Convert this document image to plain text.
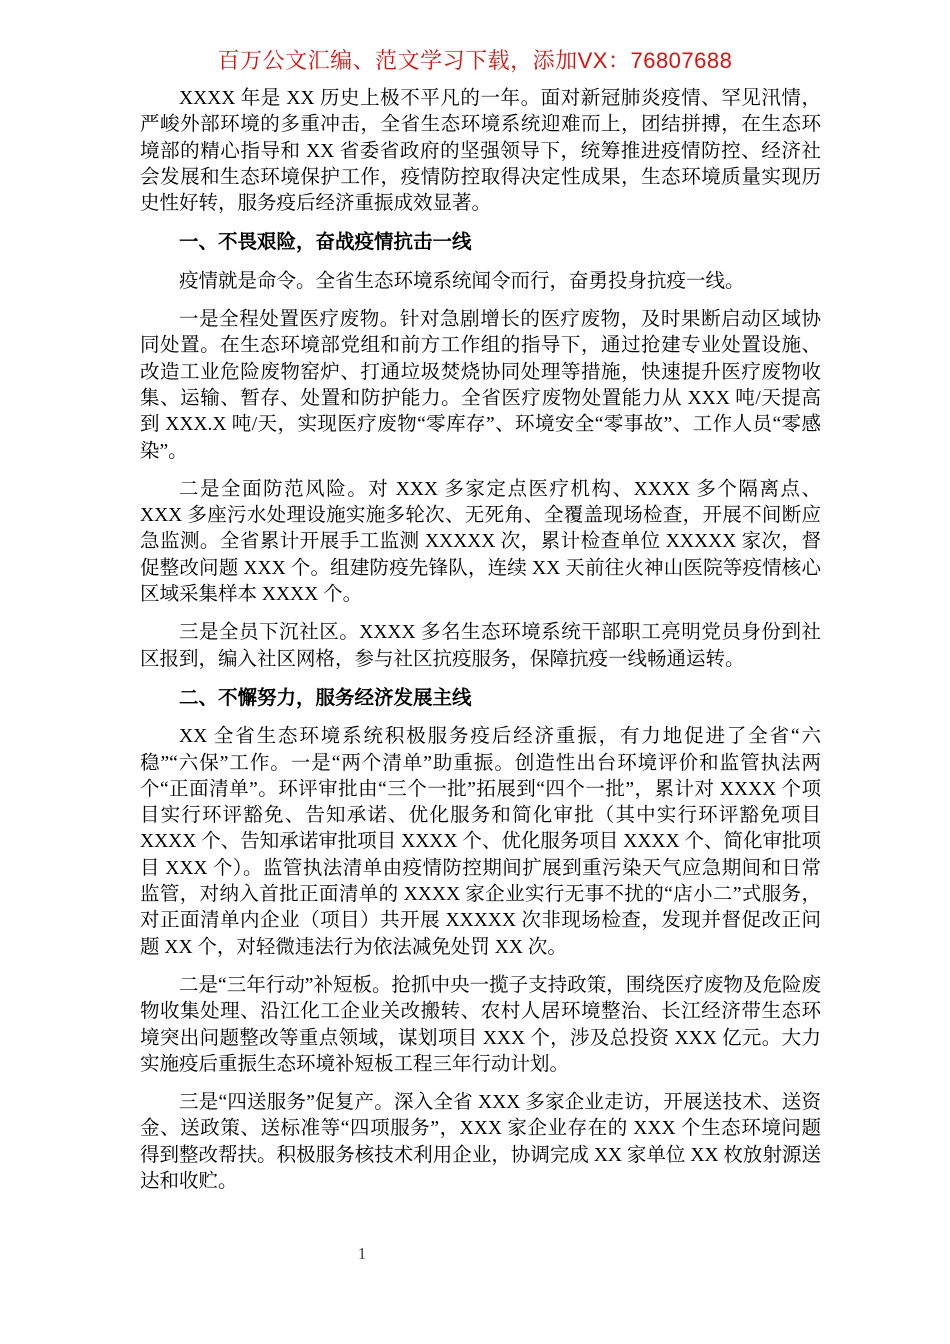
百万公文汇编、范文学习下载，添加VX：76807688

XXXX 年是 XX 历史上极不平凡的一年。面对新冠肺炎疫情、罕见汛情，严峻外部环境的多重冲击，全省生态环境系统迎难而上，团结拼搏，在生态环境部的精心指导和 XX 省委省政府的坚强领导下，统筹推进疫情防控、经济社会发展和生态环境保护工作，疫情防控取得决定性成果，生态环境质量实现历史性好转，服务疫后经济重振成效显著。

一、不畏艰险，奋战疫情抗击一线

疫情就是命令。全省生态环境系统闻令而行，奋勇投身抗疫一线。

一是全程处置医疗废物。针对急剧增长的医疗废物，及时果断启动区域协同处置。在生态环境部党组和前方工作组的指导下，通过抢建专业处置设施、改造工业危险废物窑炉、打通垃圾焚烧协同处理等措施，快速提升医疗废物收集、运输、暂存、处置和防护能力。全省医疗废物处置能力从 XXX 吨/天提高到 XXX.X 吨/天，实现医疗废物“零库存”、环境安全“零事故”、工作人员“零感染”。

二是全面防范风险。对 XXX 多家定点医疗机构、XXXX 多个隔离点、XXX 多座污水处理设施实施多轮次、无死角、全覆盖现场检查，开展不间断应急监测。全省累计开展手工监测 XXXXX 次，累计检查单位 XXXXX 家次，督促整改问题 XXX 个。组建防疫先锋队，连续 XX 天前往火神山医院等疫情核心区域采集样本 XXXX 个。

三是全员下沉社区。XXXX 多名生态环境系统干部职工亮明党员身份到社区报到，编入社区网格，参与社区抗疫服务，保障抗疫一线畅通运转。

二、不懈努力，服务经济发展主线

XX 全省生态环境系统积极服务疫后经济重振，有力地促进了全省“六稳”“六保”工作。一是“两个清单”助重振。创造性出台环境评价和监管执法两个“正面清单”。环评审批由“三个一批”拓展到“四个一批”，累计对 XXXX 个项目实行环评豁免、告知承诺、优化服务和简化审批（其中实行环评豁免项目 XXXX 个、告知承诺审批项目 XXXX 个、优化服务项目 XXXX 个、简化审批项目 XXX 个）。监管执法清单由疫情防控期间扩展到重污染天气应急期间和日常监管，对纳入首批正面清单的 XXXX 家企业实行无事不扰的“店小二”式服务，对正面清单内企业（项目）共开展 XXXXX 次非现场检查，发现并督促改正问题 XX 个，对轻微违法行为依法减免处罚 XX 次。

二是“三年行动”补短板。抢抓中央一揽子支持政策，围绕医疗废物及危险废物收集处理、沿江化工企业关改搬转、农村人居环境整治、长江经济带生态环境突出问题整改等重点领域，谋划项目 XXX 个，涉及总投资 XXX 亿元。大力实施疫后重振生态环境补短板工程三年行动计划。

三是“四送服务”促复产。深入全省 XXX 多家企业走访，开展送技术、送资金、送政策、送标准等“四项服务”，XXX 家企业存在的 XXX 个生态环境问题得到整改帮扶。积极服务核技术利用企业，协调完成 XX 家单位 XX 枚放射源送达和收贮。

1
